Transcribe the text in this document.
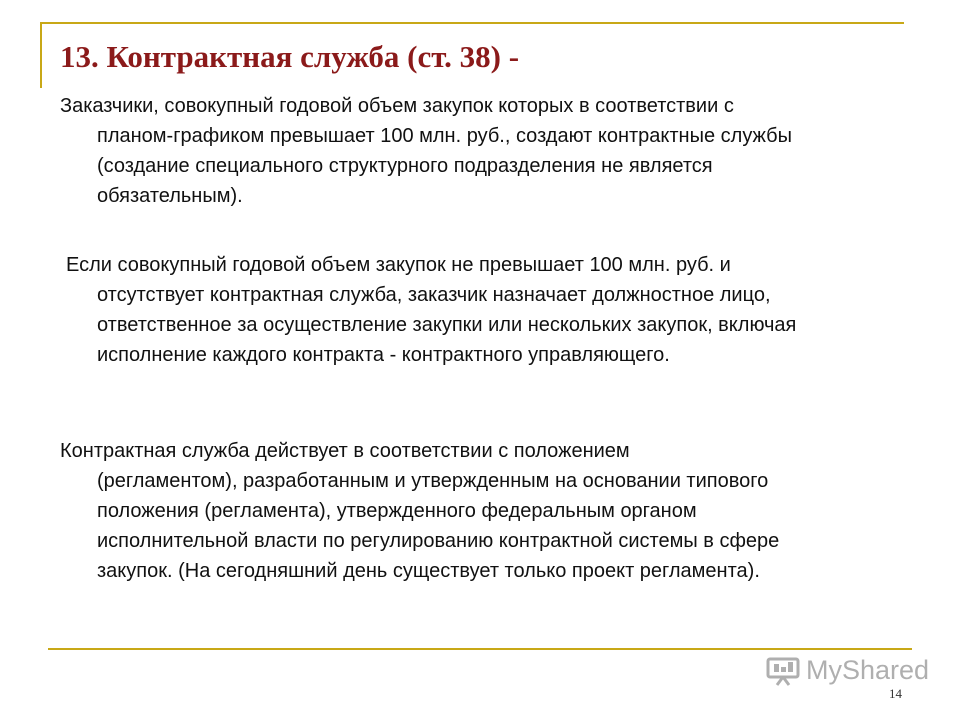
13. Контрактная служба (ст. 38) -
Заказчики, совокупный годовой объем закупок которых в соответствии с
планом-графиком превышает 100 млн. руб., создают контрактные службы (создание специального структурного подразделения не является обязательным).
Если совокупный годовой объем закупок не превышает 100 млн. руб. и
отсутствует контрактная служба, заказчик назначает должностное лицо, ответственное за осуществление закупки или нескольких закупок, включая исполнение каждого контракта - контрактного управляющего.
Контрактная служба действует в соответствии с положением
(регламентом), разработанным и утвержденным на основании типового положения (регламента), утвержденного федеральным органом исполнительной власти по регулированию контрактной системы в сфере закупок. (На сегодняшний день существует только проект регламента).
MyShared
14
